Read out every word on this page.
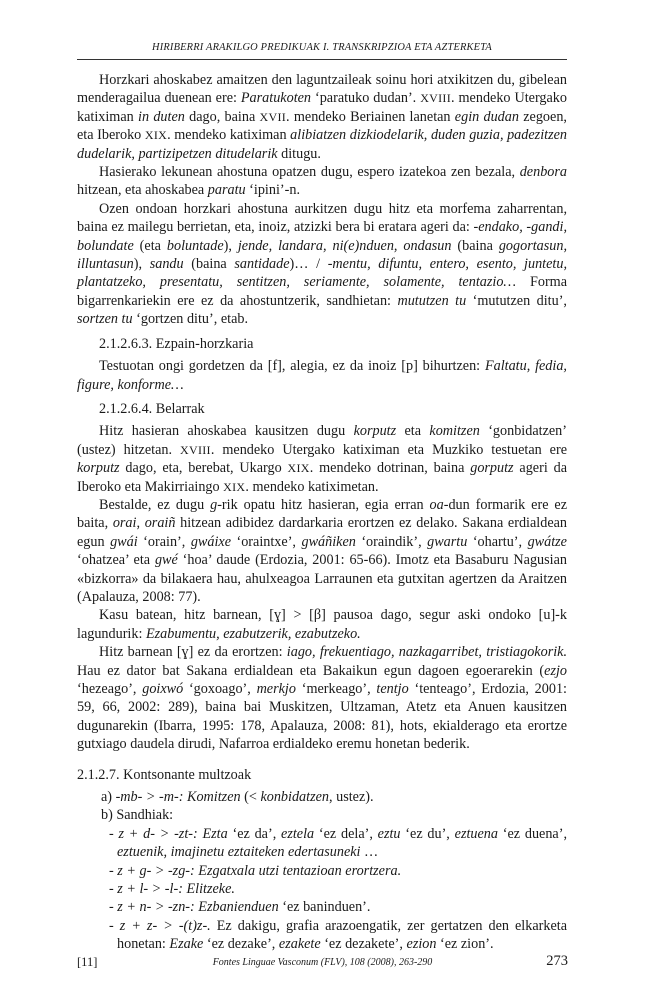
HIRIBERRI ARAKILGO PREDIKUAK I. TRANSKRIPZIOA ETA AZTERKETA

Horzkari ahoskabez amaitzen den laguntzaileak soinu hori atxikitzen du, gibelean menderagailua duenean ere: Paratukoten ‘paratuko dudan’. XVIII. mendeko Utergako katiximan in duten dago, baina XVII. mendeko Beriainen lanetan egin dudan zegoen, eta Iberoko XIX. mendeko katiximan alibiatzen dizkiodelarik, duden guzia, padezitzen dudelarik, partizipetzen ditudelarik ditugu.

Hasierako lekunean ahostuna opatzen dugu, espero izatekoa zen bezala, denbora hitzean, eta ahoskabea paratu ‘ipini’-n.

Ozen ondoan horzkari ahostuna aurkitzen dugu hitz eta morfema zaharrentan, baina ez mailegu berrietan, eta, inoiz, atzizki bera bi eratara ageri da: -endako, -gandi, bolundate (eta boluntade), jende, landara, ni(e)nduen, ondasun (baina gogortasun, illuntasun), sandu (baina santidade)… / -mentu, difuntu, entero, esento, juntetu, plantatzeko, presentatu, sentitzen, seriamente, solamente, tentazio… Forma bigarrenkariekin ere ez da ahostuntzerik, sandhietan: mututzen tu ‘mututzen ditu’, sortzen tu ‘gortzen ditu’, etab.

2.1.2.6.3. Ezpain-horzkaria

Testuotan ongi gordetzen da [f], alegia, ez da inoiz [p] bihurtzen: Faltatu, fedia, figure, konforme…

2.1.2.6.4. Belarrak

Hitz hasieran ahoskabea kausitzen dugu korputz eta komitzen ‘gonbidatzen’ (ustez) hitzetan. XVIII. mendeko Utergako katiximan eta Muzkiko testuetan ere korputz dago, eta, berebat, Ukargo XIX. mendeko dotrinan, baina gorputz ageri da Iberoko eta Makirriaingo XIX. mendeko katiximetan.

Bestalde, ez dugu g-rik opatu hitz hasieran, egia erran oa-dun formarik ere ez baita, orai, oraiñ hitzean adibidez dardarkaria erortzen ez delako. Sakana erdialdean egun gwái ‘orain’, gwáixe ‘oraintxe’, gwáñiken ‘oraindik’, gwartu ‘ohartu’, gwátze ‘ohatzea’ eta gwé ‘hoa’ daude (Erdozia, 2001: 65-66). Imotz eta Basaburu Nagusian «bizkorra» da bilakaera hau, ahulxeagoa Larraunen eta gutxitan agertzen da Araitzen (Apalauza, 2008: 77).

Kasu batean, hitz barnean, [ɣ] > [β] pausoa dago, segur aski ondoko [u]-k lagundurik: Ezabumentu, ezabutzerik, ezabutzeko.

Hitz barnean [ɣ] ez da erortzen: iago, frekuentiago, nazkagarribet, tristiagokorik. Hau ez dator bat Sakana erdialdean eta Bakaikun egun dagoen egoerarekin (ezjo ‘hezeago’, goixwó ‘goxoago’, merkjo ‘merkeago’, tentjo ‘tenteago’, Erdozia, 2001: 59, 66, 2002: 289), baina bai Muskitzen, Ultzaman, Atetz eta Anuen kausitzen dugunarekin (Ibarra, 1995: 178, Apalauza, 2008: 81), hots, ekialderago eta erortze gutxiago daudela dirudi, Nafarroa erdialdeko eremu honetan bederik.

2.1.2.7. Kontsonante multzoak

a) -mb- > -m-: Komitzen (< konbidatzen, ustez).

b) Sandhiak:

- z + d- > -zt-: Ezta ‘ez da’, eztela ‘ez dela’, eztu ‘ez du’, eztuena ‘ez duena’, eztuenik, imajinetu eztaiteken edertasuneki …

- z + g- > -zg-: Ezgatxala utzi tentazioan erortzera.

- z + l- > -l-: Elitzeke.

- z + n- > -zn-: Ezbanienduen ‘ez baninduen’.

- z + z- > -(t)z-. Ez dakigu, grafia arazoengatik, zer gertatzen den elkarketa honetan: Ezake ‘ez dezake’, ezakete ‘ez dezakete’, ezion ‘ez zion’.

[11]	Fontes Linguae Vasconum (FLV), 108 (2008), 263-290	273
